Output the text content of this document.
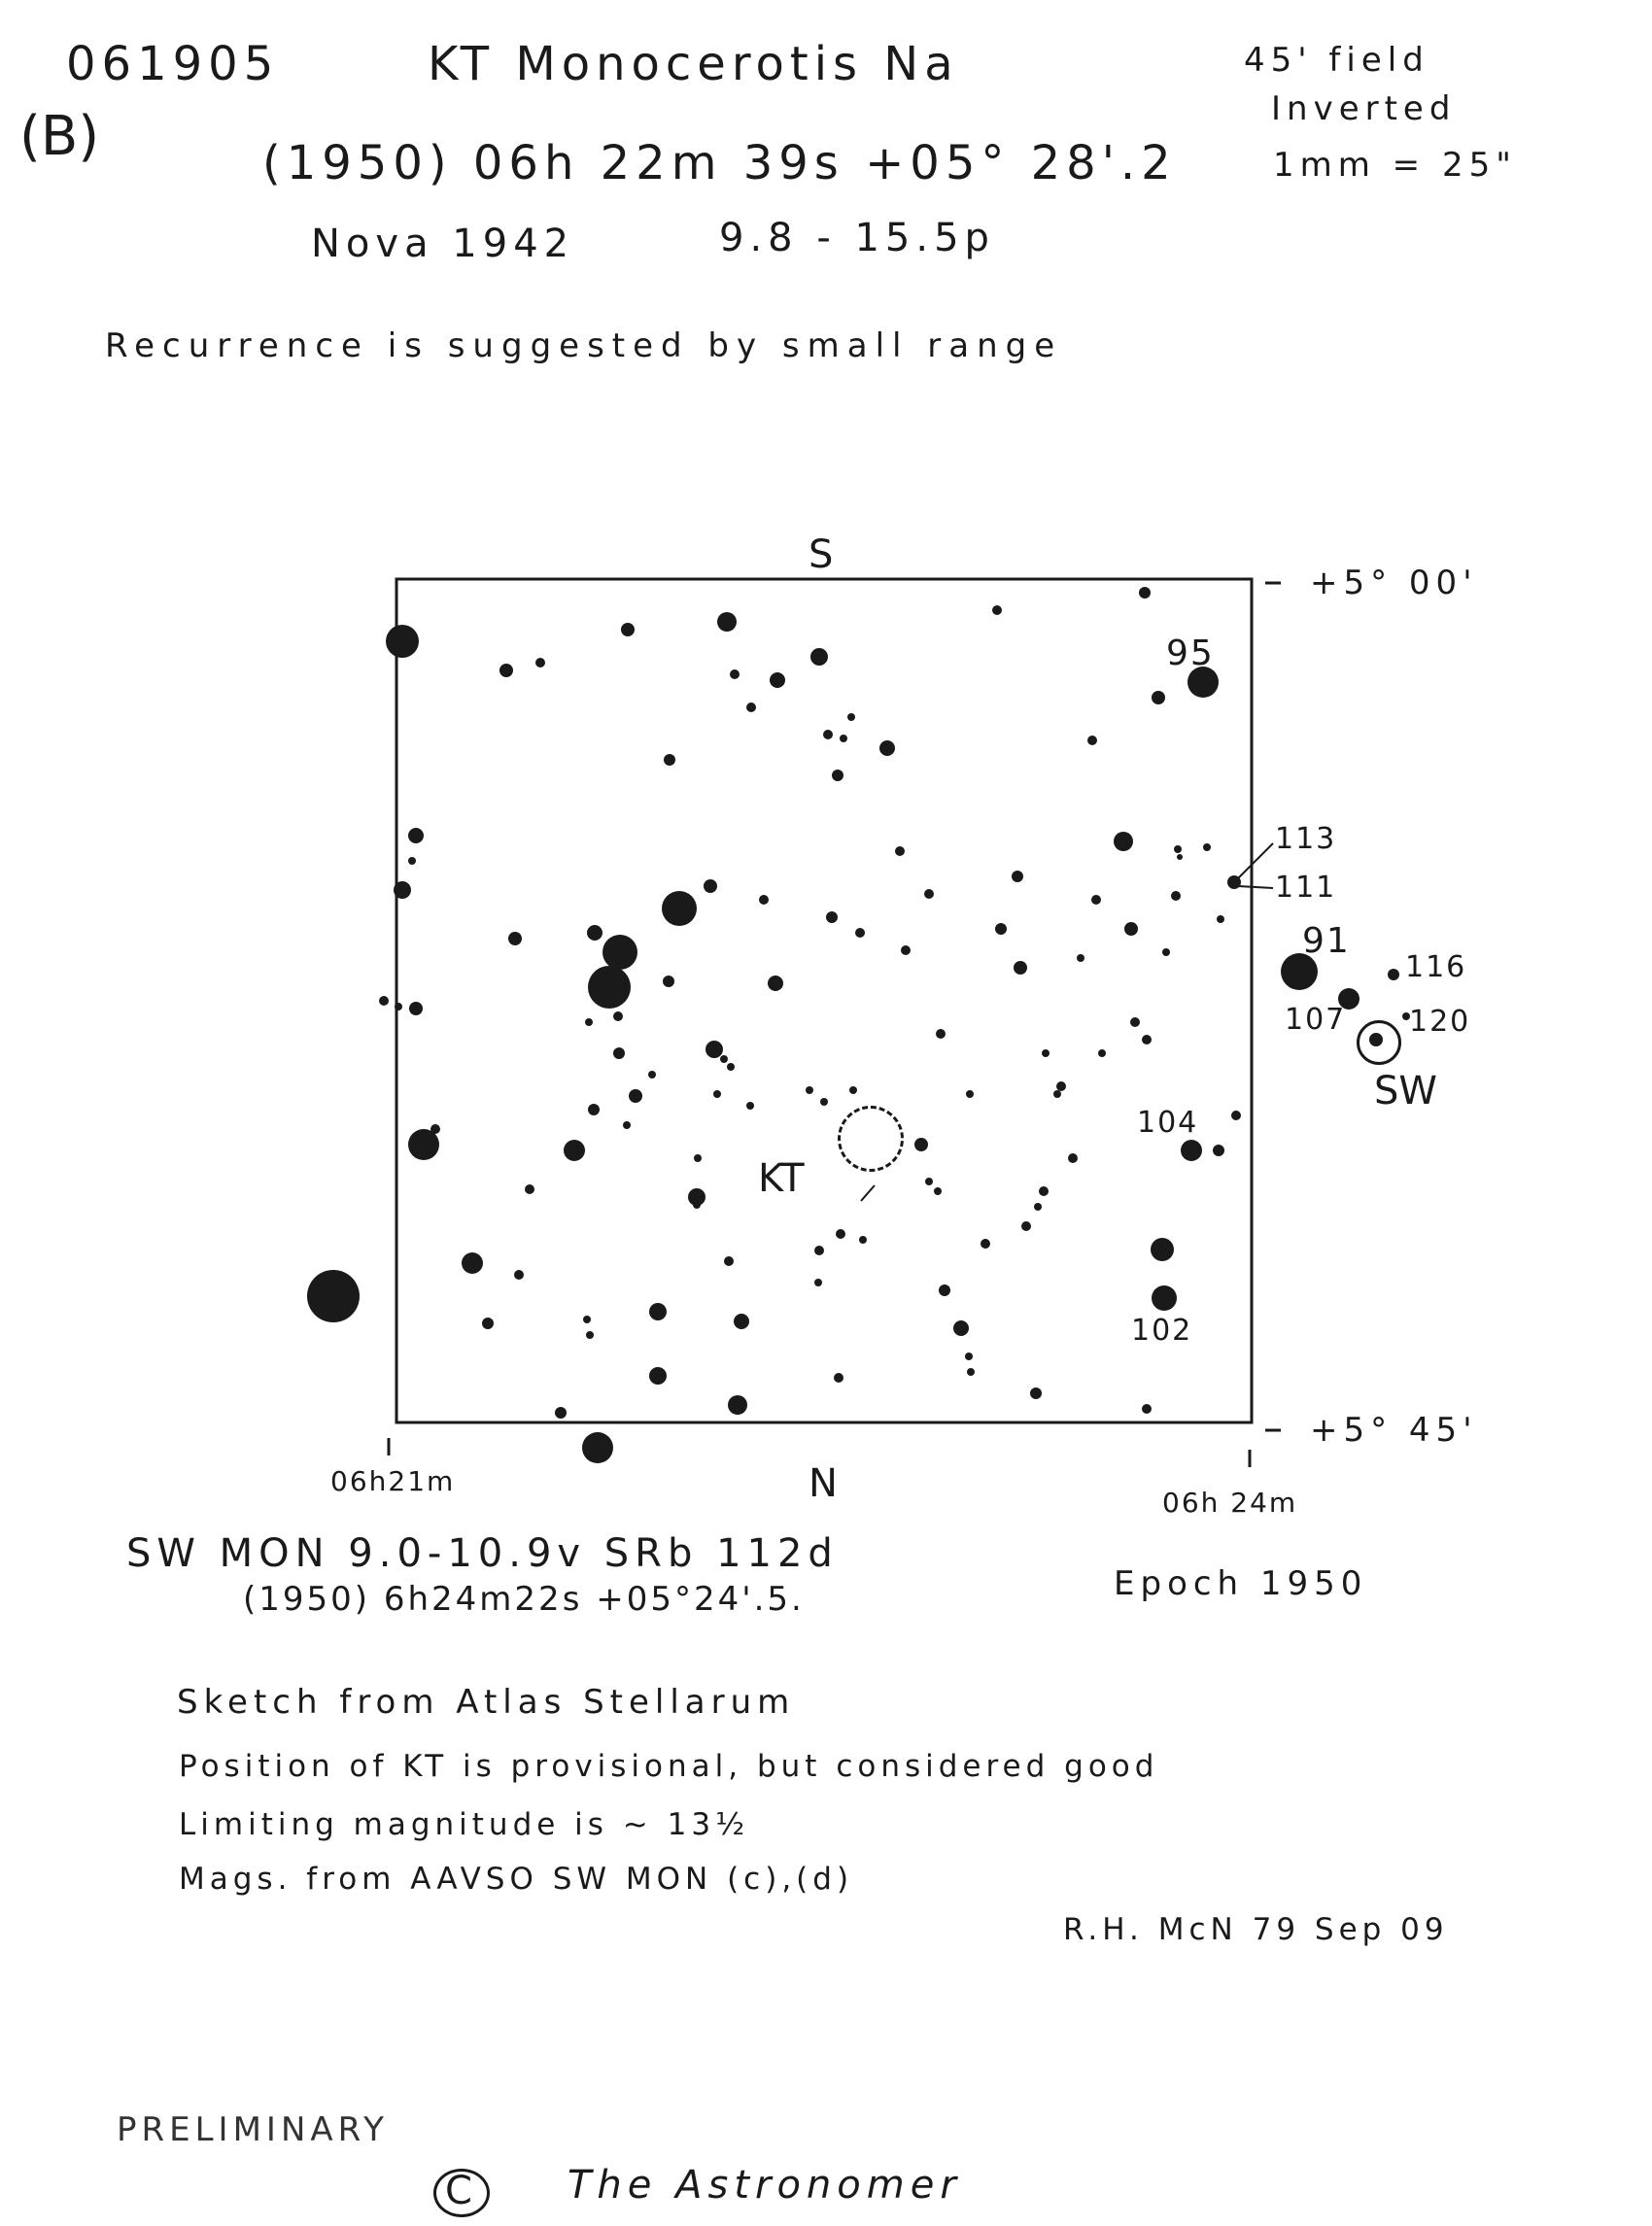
061905	KT Monocerotis Na	45' field
Inverted
1mm = 25"
(B)	(1950) 06h 22m 39s +05° 28'.2
Nova 1942	9.8 - 15.5p
Recurrence is suggested by small range
S
N
+5° 00'
+5° 45'
06h21m
06h 24m
KT
SW
95
113
111
91
116
107 120
104
102
SW MON 9.0-10.9v SRb 112d
(1950) 6h24m22s +05°24'.5.	Epoch 1950
Sketch from Atlas Stellarum
Position of KT is provisional, but considered good
Limiting magnitude is ~ 13½
Mags. from AAVSO SW MON (c),(d)
R.H. McN 79 Sep 09
PRELIMINARY
C The Astronomer
